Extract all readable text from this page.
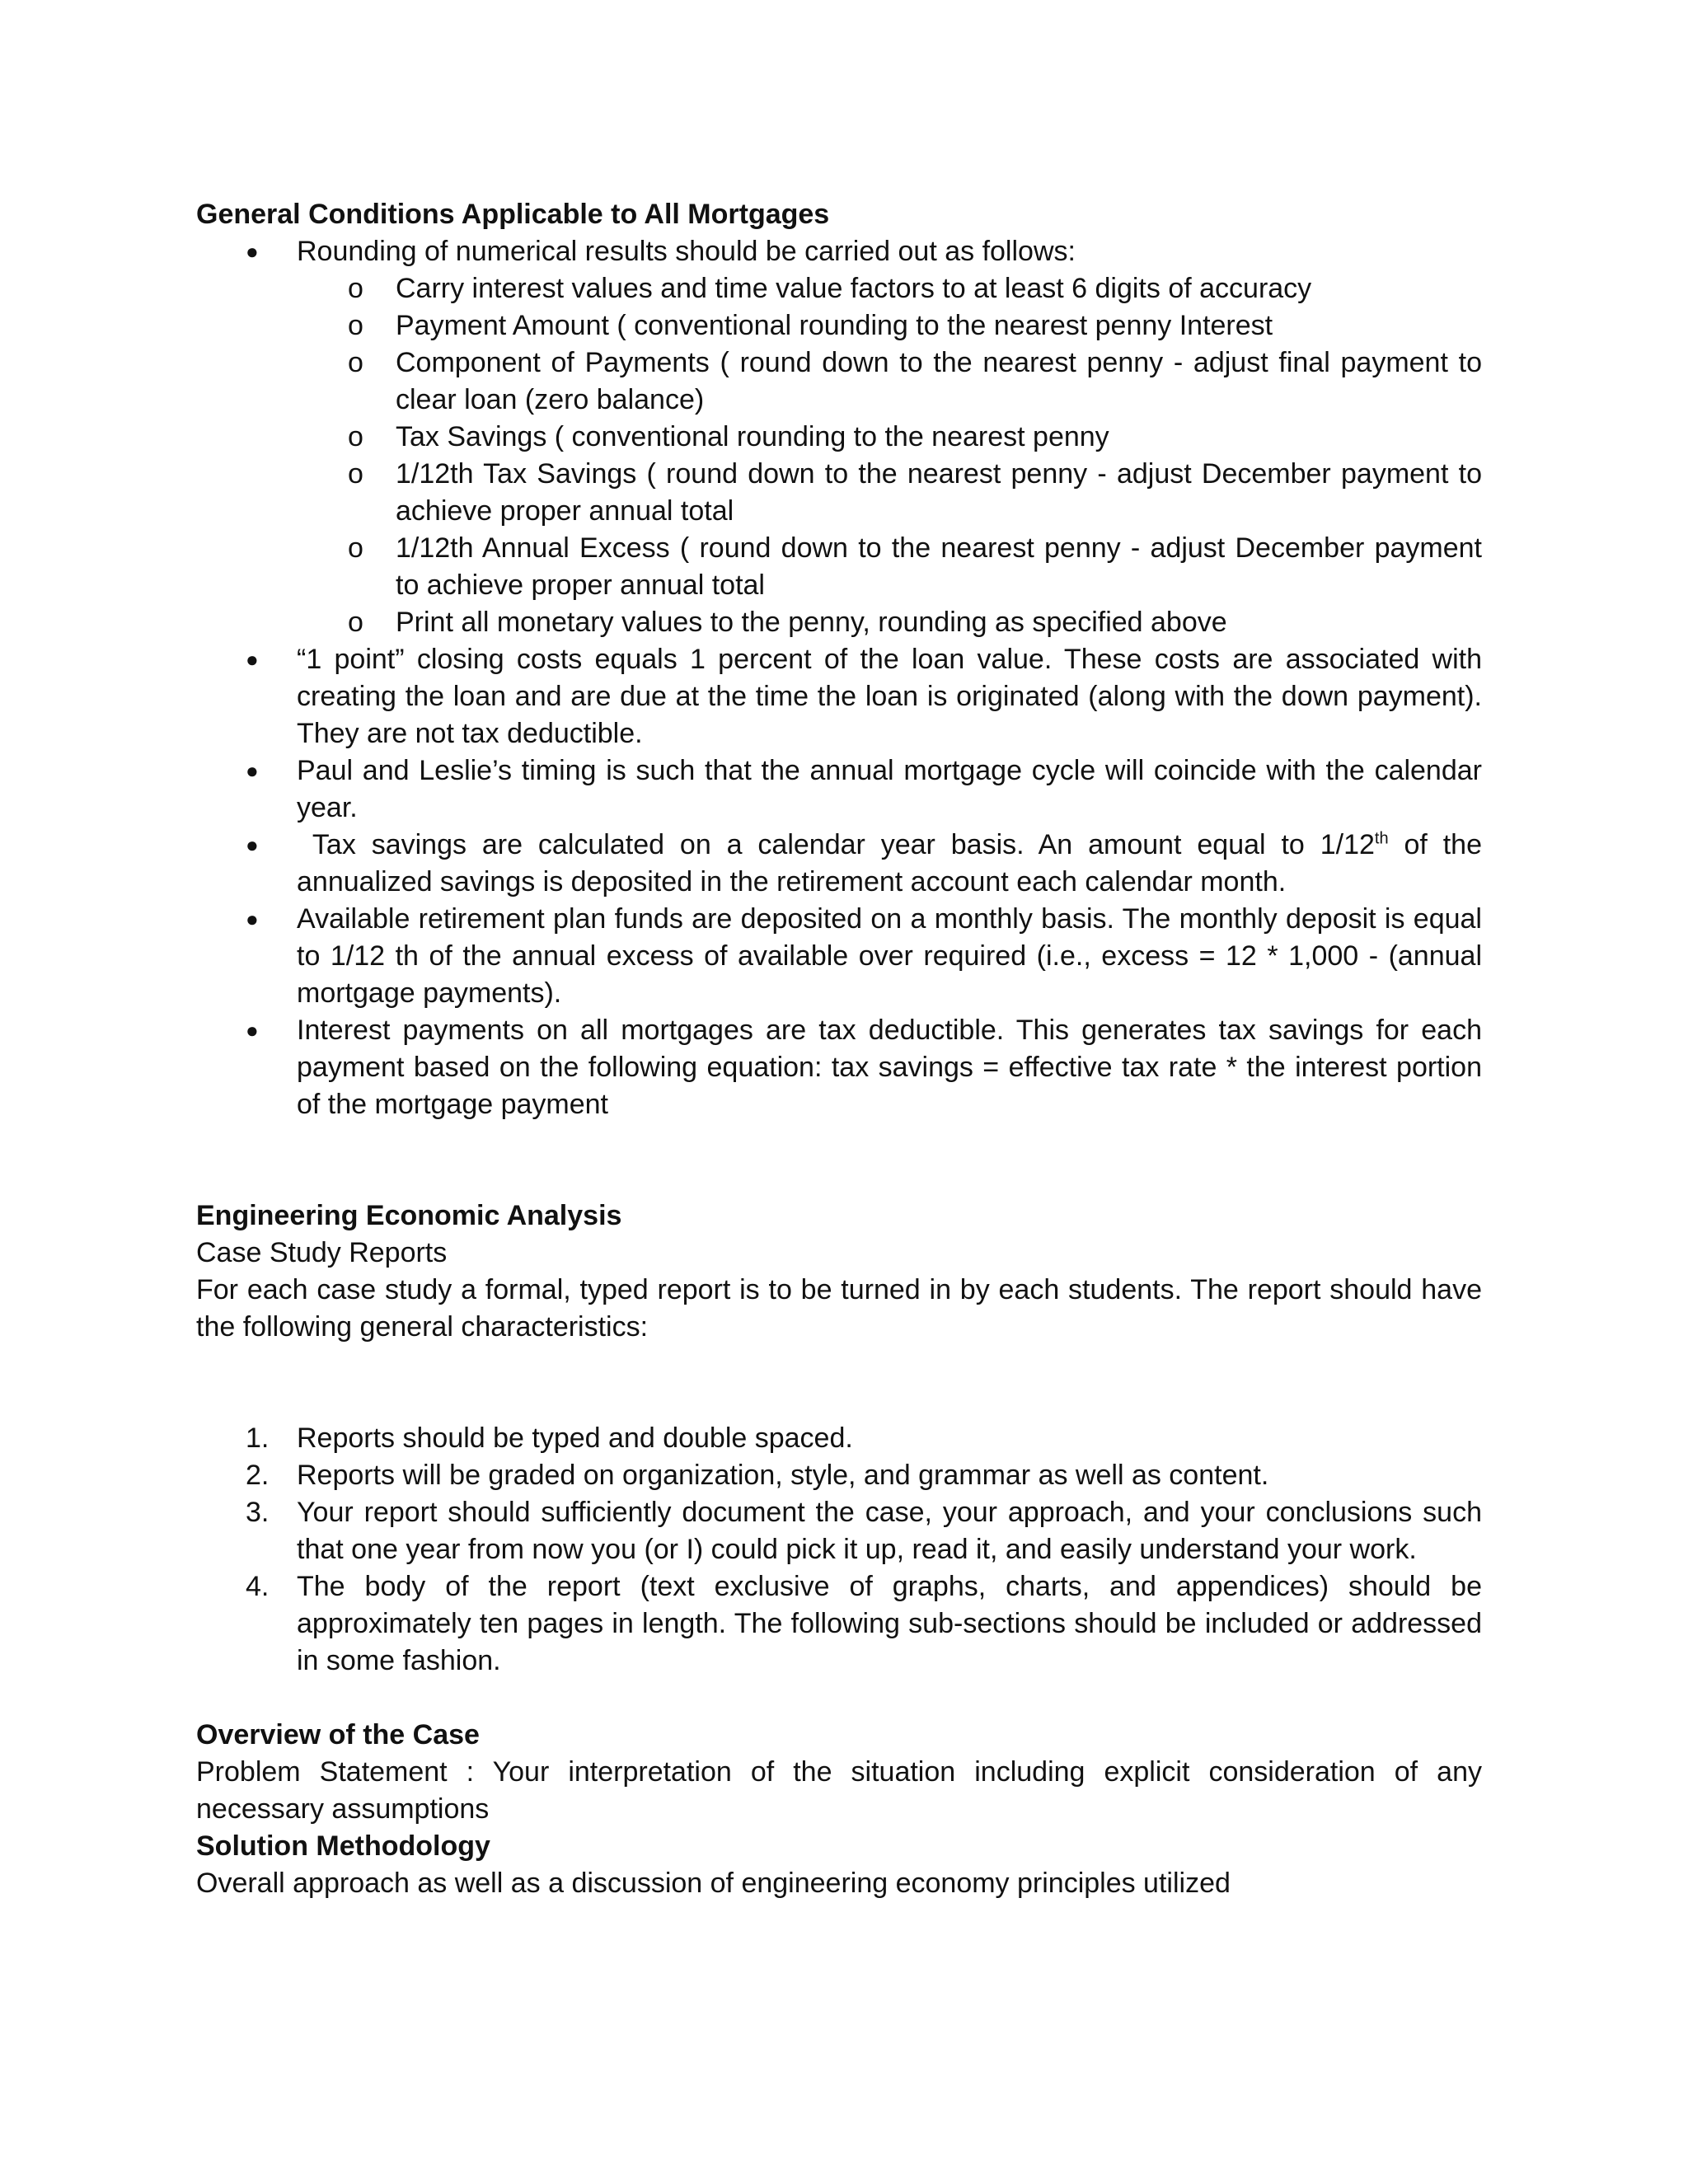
General Conditions Applicable to All Mortgages
● Rounding of numerical results should be carried out as follows:
o Carry interest values and time value factors to at least 6 digits of accuracy
o Payment Amount ( conventional rounding to the nearest penny Interest
o Component of Payments ( round down to the nearest penny - adjust final payment to clear loan (zero balance)
o Tax Savings ( conventional rounding to the nearest penny
o 1/12th Tax Savings ( round down to the nearest penny - adjust December payment to achieve proper annual total
o 1/12th Annual Excess ( round down to the nearest penny - adjust December payment to achieve proper annual total
o Print all monetary values to the penny, rounding as specified above
● “1 point” closing costs equals 1 percent of the loan value. These costs are associated with creating the loan and are due at the time the loan is originated (along with the down payment). They are not tax deductible.
● Paul and Leslie’s timing is such that the annual mortgage cycle will coincide with the calendar year.
● Tax savings are calculated on a calendar year basis. An amount equal to 1/12th of the annualized savings is deposited in the retirement account each calendar month.
● Available retirement plan funds are deposited on a monthly basis. The monthly deposit is equal to 1/12 th of the annual excess of available over required (i.e., excess = 12 * 1,000 - (annual mortgage payments).
● Interest payments on all mortgages are tax deductible. This generates tax savings for each payment based on the following equation: tax savings = effective tax rate * the interest portion of the mortgage payment
Engineering Economic Analysis
Case Study Reports
For each case study a formal, typed report is to be turned in by each students. The report should have the following general characteristics:
1. Reports should be typed and double spaced.
2. Reports will be graded on organization, style, and grammar as well as content.
3. Your report should sufficiently document the case, your approach, and your conclusions such that one year from now you (or I) could pick it up, read it, and easily understand your work.
4. The body of the report (text exclusive of graphs, charts, and appendices) should be approximately ten pages in length. The following sub-sections should be included or addressed in some fashion.
Overview of the Case
Problem Statement : Your interpretation of the situation including explicit consideration of any necessary assumptions
Solution Methodology
Overall approach as well as a discussion of engineering economy principles utilized
